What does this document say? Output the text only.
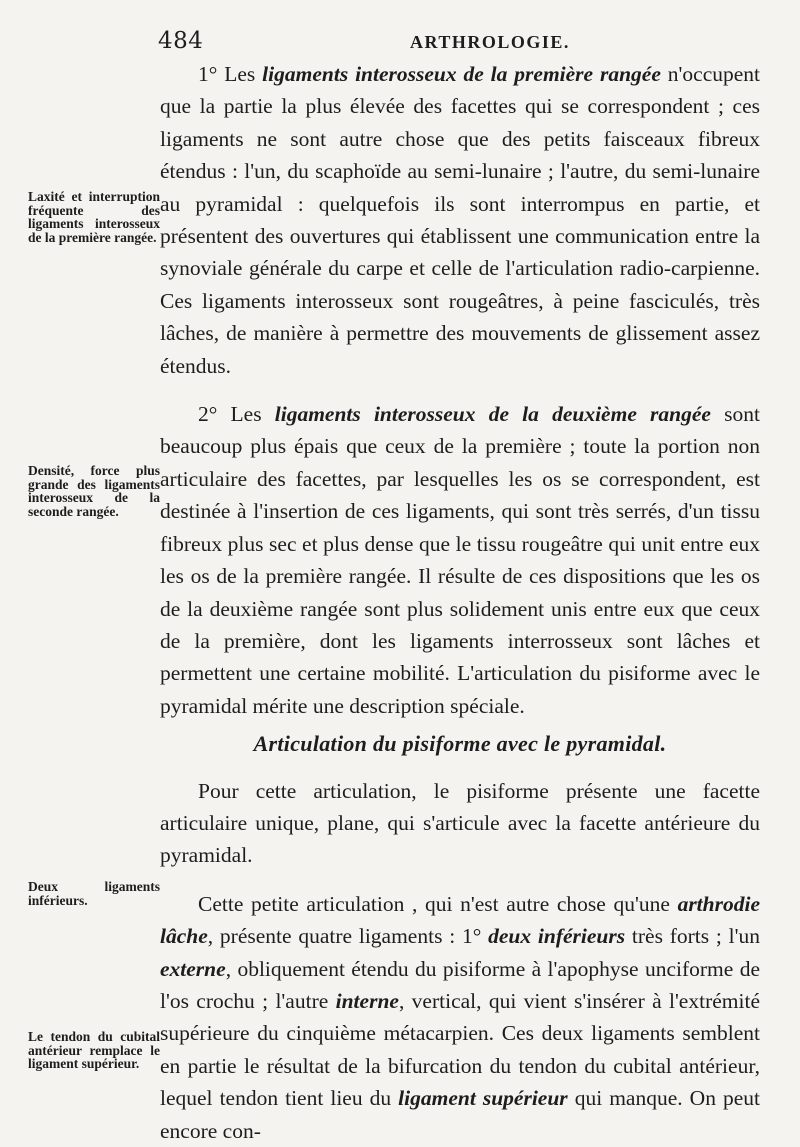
484	ARTHROLOGIE.
Laxité et interruption fréquente des ligaments interosseux de la première rangée.
Densité, force plus grande des ligaments interosseux de la seconde rangée.
Deux ligaments inférieurs.
Le tendon du cubital antérieur remplace le ligament supérieur.

1° Les ligaments interosseux de la première rangée n'occupent que la partie la plus élevée des facettes qui se correspondent ; ces ligaments ne sont autre chose que des petits faisceaux fibreux étendus : l'un, du scaphoïde au semi-lunaire ; l'autre, du semi-lunaire au pyramidal : quelquefois ils sont interrompus en partie, et présentent des ouvertures qui établissent une communication entre la synoviale générale du carpe et celle de l'articulation radio-carpienne. Ces ligaments interosseux sont rougeâtres, à peine fasciculés, très lâches, de manière à permettre des mouvements de glissement assez étendus.

2° Les ligaments interosseux de la deuxième rangée sont beaucoup plus épais que ceux de la première ; toute la portion non articulaire des facettes, par lesquelles les os se correspondent, est destinée à l'insertion de ces ligaments, qui sont très serrés, d'un tissu fibreux plus sec et plus dense que le tissu rougeâtre qui unit entre eux les os de la première rangée. Il résulte de ces dispositions que les os de la deuxième rangée sont plus solidement unis entre eux que ceux de la première, dont les ligaments interrosseux sont lâches et permettent une certaine mobilité. L'articulation du pisiforme avec le pyramidal mérite une description spéciale.

Articulation du pisiforme avec le pyramidal.

Pour cette articulation, le pisiforme présente une facette articulaire unique, plane, qui s'articule avec la facette antérieure du pyramidal.

Cette petite articulation , qui n'est autre chose qu'une arthrodie lâche, présente quatre ligaments : 1° deux inférieurs très forts ; l'un externe, obliquement étendu du pisiforme à l'apophyse unciforme de l'os crochu ; l'autre interne, vertical, qui vient s'insérer à l'extrémité supérieure du cinquième métacarpien. Ces deux ligaments semblent en partie le résultat de la bifurcation du tendon du cubital antérieur, lequel tendon tient lieu du ligament supérieur qui manque. On peut encore con-
